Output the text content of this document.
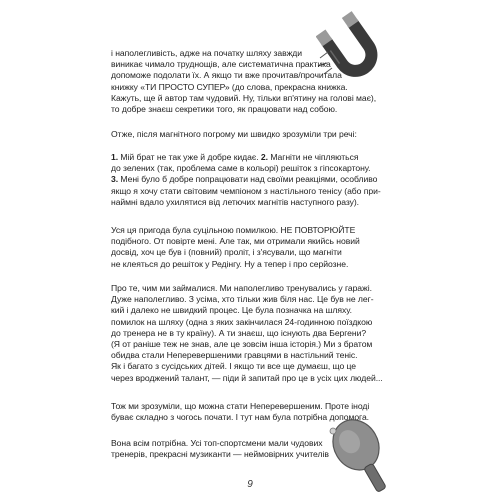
і наполегливість, адже на початку шляху завжди
виникає чимало труднощів, але систематична практика
допоможе подолати їх. А якщо ти вже прочитав/прочитала
книжку «ТИ ПРОСТО СУПЕР» (до слова, прекрасна книжка.
Кажуть, ще й автор там чудовий. Ну, тільки вп'ятину на голові має),
то добре знаєш секретики того, як працювати над собою.
Отже, після магнітного погрому ми швидко зрозуміли три речі:
1. Мій брат не так уже й добре кидає. 2. Магніти не чіпляються
до зелених (так, проблема саме в кольорі) решіток з гіпсокартону.
3. Мені було б добре попрацювати над своїми реакціями, особливо
якщо я хочу стати світовим чемпіоном з настільного тенісу (або при-
наймні вдало ухилятися від летючих магнітів наступного разу).
Уся ця пригода була суцільною помилкою. НЕ ПОВТОРЮЙТЕ
подібного. От повірте мені. Але так, ми отримали якийсь новий
досвід, хоч це був і (повний) проліт, і з'ясували, що магніти
не клеяться до решіток у Редінгу. Ну а тепер і про серйозне.
Про те, чим ми займалися. Ми наполегливо тренувались у гаражі.
Дуже наполегливо. З усіма, хто тільки жив біля нас. Це був не лег-
кий і далеко не швидкий процес. Це була позначка на шляху.
помилок на шляху (одна з яких закінчилася 24-годинною поїздкою
до тренера не в ту країну). А ти знаєш, що існують два Бергени?
(Я от раніше теж не знав, але це зовсім інша історія.) Ми з братом
обидва стали Неперевершеними гравцями в настільний теніс.
Як і багато з сусідських дітей. І якщо ти все ще думаєш, що це
через вроджений талант, — піди й запитай про це в усіх цих людей...
Тож ми зрозуміли, що можна стати Неперевершеним. Проте іноді
буває складно з чогось почати. І тут нам була потрібна допомога.
Вона всім потрібна. Усі топ-спортсмени мали чудових
тренерів, прекрасні музиканти — неймовірних учителів
9
